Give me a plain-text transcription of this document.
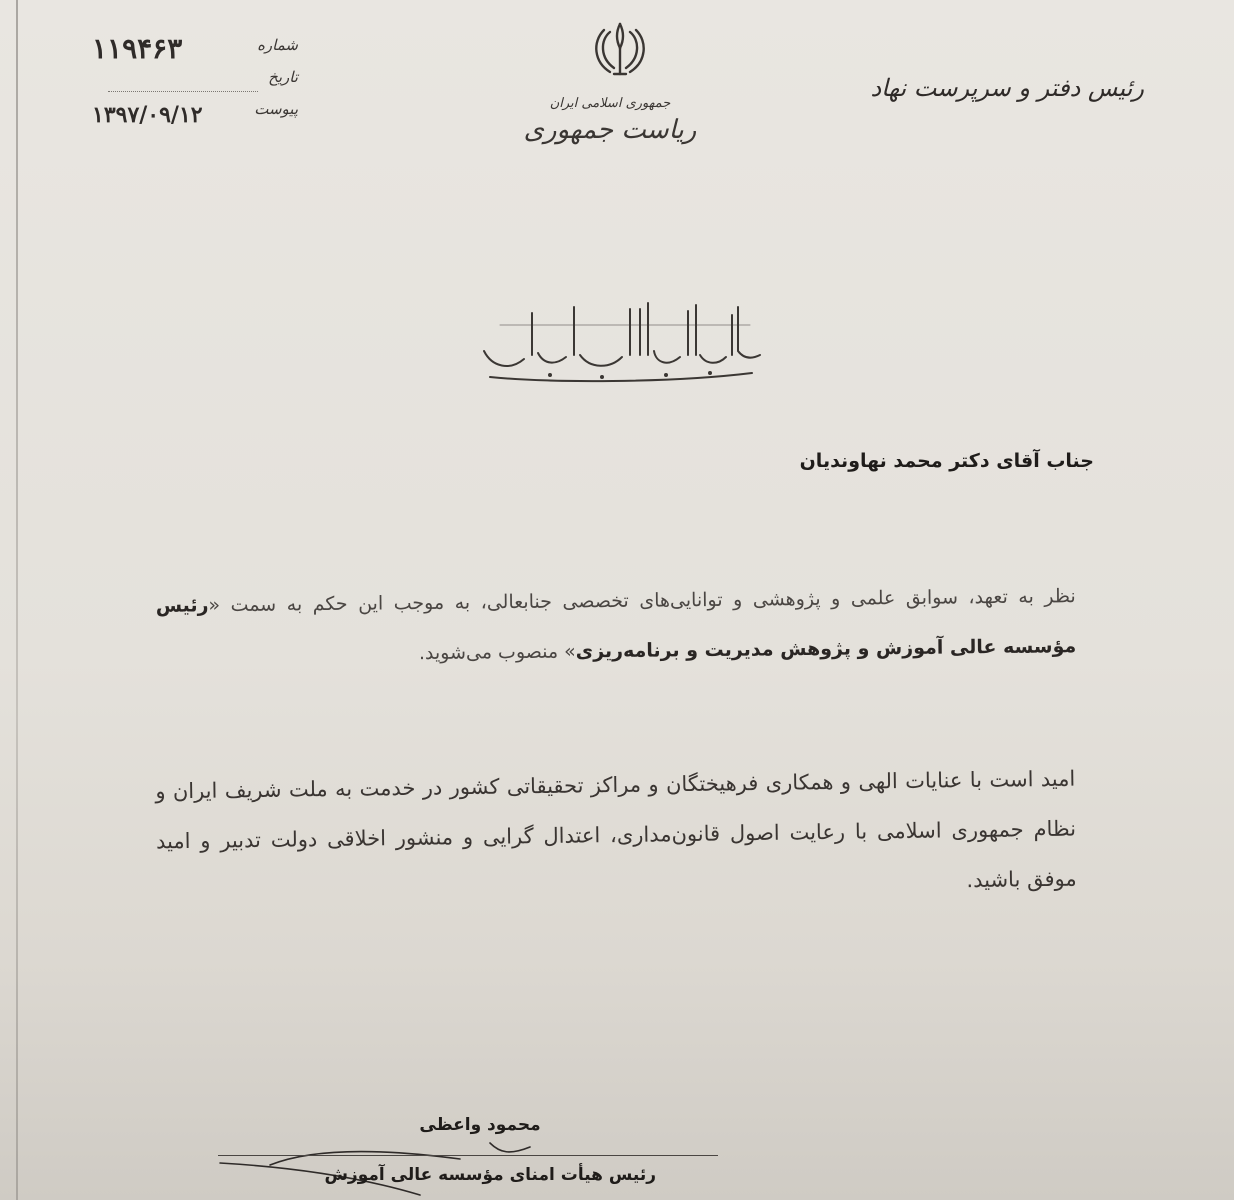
۱۱۹۴۶۳	شماره
تاریخ
۱۳۹۷/۰۹/۱۲	پیوست	جمهوری اسلامی ایران
ریاست جمهوری
رئیس دفتر و سرپرست نهاد
جناب آقای دکتر محمد نهاوندیان
نظر به تعهد، سوابق علمی و پژوهشی و توانایی‌های تخصصی جنابعالی، به موجب این حکم به سمت «رئیس مؤسسه عالی آموزش و پژوهش مدیریت و برنامه‌ریزی» منصوب می‌شوید.
امید است با عنایات الهی و همکاری فرهیختگان و مراکز تحقیقاتی کشور در خدمت به ملت شریف ایران و نظام جمهوری اسلامی با رعایت اصول قانون‌مداری، اعتدال گرایی و منشور اخلاقی دولت تدبیر و امید موفق باشید.
محمود واعظی
رئیس هیأت امنای مؤسسه عالی آموزش
